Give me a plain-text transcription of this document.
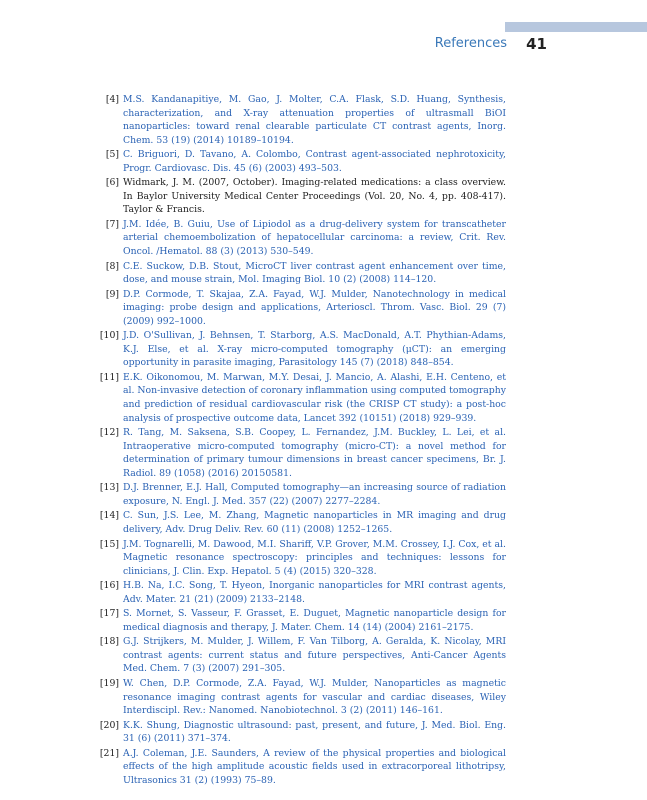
References 41
[4] M.S. Kandanapitiye, M. Gao, J. Molter, C.A. Flask, S.D. Huang, Synthesis, characterization, and X-ray attenuation properties of ultrasmall BiOI nanoparticles: toward renal clearable particulate CT contrast agents, Inorg. Chem. 53 (19) (2014) 10189–10194.
[5] C. Briguori, D. Tavano, A. Colombo, Contrast agent-associated nephrotoxicity, Progr. Cardiovasc. Dis. 45 (6) (2003) 493–503.
[6] Widmark, J. M. (2007, October). Imaging-related medications: a class overview. In Baylor University Medical Center Proceedings (Vol. 20, No. 4, pp. 408-417). Taylor & Francis.
[7] J.M. Idée, B. Guiu, Use of Lipiodol as a drug-delivery system for transcatheter arterial chemoembolization of hepatocellular carcinoma: a review, Crit. Rev. Oncol. /Hematol. 88 (3) (2013) 530–549.
[8] C.E. Suckow, D.B. Stout, MicroCT liver contrast agent enhancement over time, dose, and mouse strain, Mol. Imaging Biol. 10 (2) (2008) 114–120.
[9] D.P. Cormode, T. Skajaa, Z.A. Fayad, W.J. Mulder, Nanotechnology in medical imaging: probe design and applications, Arterioscl. Throm. Vasc. Biol. 29 (7) (2009) 992–1000.
[10] J.D. O'Sullivan, J. Behnsen, T. Starborg, A.S. MacDonald, A.T. Phythian-Adams, K.J. Else, et al. X-ray micro-computed tomography (μCT): an emerging opportunity in parasite imaging, Parasitology 145 (7) (2018) 848–854.
[11] E.K. Oikonomou, M. Marwan, M.Y. Desai, J. Mancio, A. Alashi, E.H. Centeno, et al. Non-invasive detection of coronary inflammation using computed tomography and prediction of residual cardiovascular risk (the CRISP CT study): a post-hoc analysis of prospective outcome data, Lancet 392 (10151) (2018) 929–939.
[12] R. Tang, M. Saksena, S.B. Coopey, L. Fernandez, J.M. Buckley, L. Lei, et al. Intraoperative micro-computed tomography (micro-CT): a novel method for determination of primary tumour dimensions in breast cancer specimens, Br. J. Radiol. 89 (1058) (2016) 20150581.
[13] D.J. Brenner, E.J. Hall, Computed tomography—an increasing source of radiation exposure, N. Engl. J. Med. 357 (22) (2007) 2277–2284.
[14] C. Sun, J.S. Lee, M. Zhang, Magnetic nanoparticles in MR imaging and drug delivery, Adv. Drug Deliv. Rev. 60 (11) (2008) 1252–1265.
[15] J.M. Tognarelli, M. Dawood, M.I. Shariff, V.P. Grover, M.M. Crossey, I.J. Cox, et al. Magnetic resonance spectroscopy: principles and techniques: lessons for clinicians, J. Clin. Exp. Hepatol. 5 (4) (2015) 320–328.
[16] H.B. Na, I.C. Song, T. Hyeon, Inorganic nanoparticles for MRI contrast agents, Adv. Mater. 21 (21) (2009) 2133–2148.
[17] S. Mornet, S. Vasseur, F. Grasset, E. Duguet, Magnetic nanoparticle design for medical diagnosis and therapy, J. Mater. Chem. 14 (14) (2004) 2161–2175.
[18] G.J. Strijkers, M. Mulder, J. Willem, F. Van Tilborg, A. Geralda, K. Nicolay, MRI contrast agents: current status and future perspectives, Anti-Cancer Agents Med. Chem. 7 (3) (2007) 291–305.
[19] W. Chen, D.P. Cormode, Z.A. Fayad, W.J. Mulder, Nanoparticles as magnetic resonance imaging contrast agents for vascular and cardiac diseases, Wiley Interdiscipl. Rev.: Nanomed. Nanobiotechnol. 3 (2) (2011) 146–161.
[20] K.K. Shung, Diagnostic ultrasound: past, present, and future, J. Med. Biol. Eng. 31 (6) (2011) 371–374.
[21] A.J. Coleman, J.E. Saunders, A review of the physical properties and biological effects of the high amplitude acoustic fields used in extracorporeal lithotripsy, Ultrasonics 31 (2) (1993) 75–89.
